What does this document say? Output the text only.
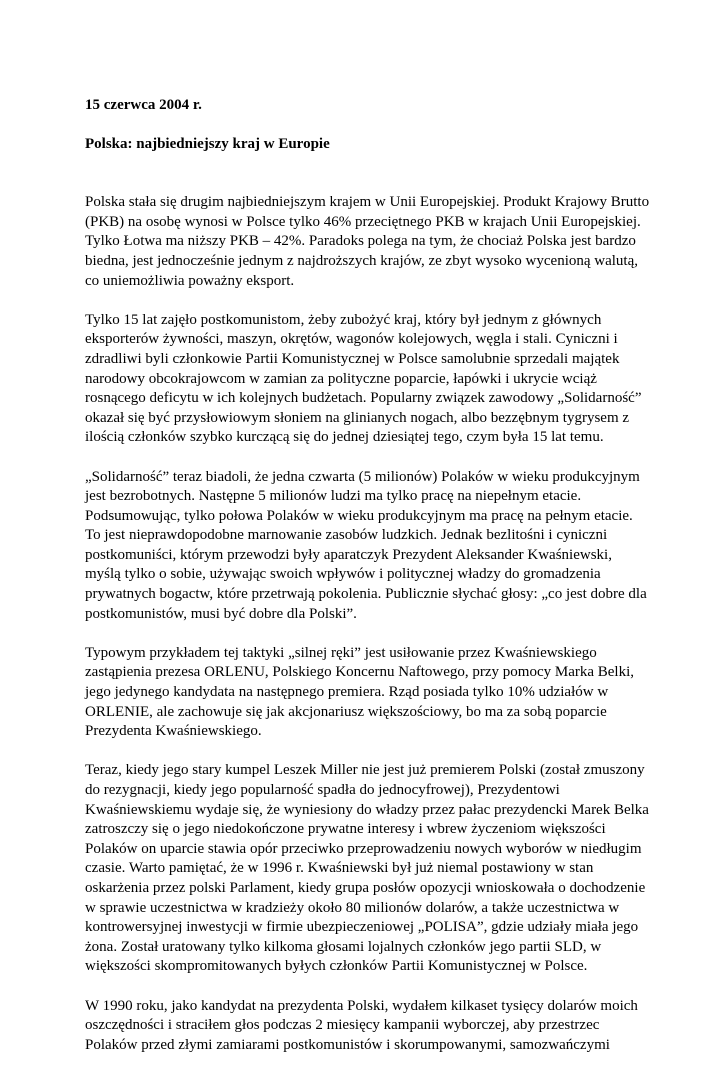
15 czerwca 2004 r.
Polska: najbiedniejszy kraj w Europie
Polska stała się drugim najbiedniejszym krajem w Unii Europejskiej. Produkt Krajowy Brutto
(PKB) na osobę wynosi w Polsce tylko 46% przeciętnego PKB w krajach Unii Europejskiej.
Tylko Łotwa ma niższy PKB – 42%. Paradoks polega na tym, że chociaż Polska jest bardzo
biedna, jest jednocześnie jednym z najdroższych krajów, ze zbyt wysoko wycenioną walutą,
co uniemożliwia poważny eksport.
Tylko 15 lat zajęło postkomunistom, żeby zubożyć kraj, który był jednym z głównych
eksporterów żywności, maszyn, okrętów, wagonów kolejowych, węgla i stali. Cyniczni i
zdradliwi byli członkowie Partii Komunistycznej w Polsce samolubnie sprzedali majątek
narodowy obcokrajowcom w zamian za polityczne poparcie, łapówki i ukrycie wciąż
rosnącego deficytu w ich kolejnych budżetach. Popularny związek zawodowy „Solidarność”
okazał się być przysłowiowym słoniem na glinianych nogach, albo bezzębnym tygrysem z
ilością członków szybko kurczącą się do jednej dziesiątej tego, czym była 15 lat temu.
„Solidarność” teraz biadoli, że jedna czwarta (5 milionów) Polaków w wieku produkcyjnym
jest bezrobotnych. Następne 5 milionów ludzi ma tylko pracę na niepełnym etacie.
Podsumowując, tylko połowa Polaków w wieku produkcyjnym ma pracę na pełnym etacie.
To jest nieprawdopodobne marnowanie zasobów ludzkich. Jednak bezlitośni i cyniczni
postkomuniści, którym przewodzi były aparatczyk Prezydent Aleksander Kwaśniewski,
myślą tylko o sobie, używając swoich wpływów i politycznej władzy do gromadzenia
prywatnych bogactw, które przetrwają pokolenia. Publicznie słychać głosy: „co jest dobre dla
postkomunistów, musi być dobre dla Polski”.
Typowym przykładem tej taktyki „silnej ręki” jest usiłowanie przez Kwaśniewskiego
zastąpienia prezesa ORLENU, Polskiego Koncernu Naftowego, przy pomocy Marka Belki,
jego jedynego kandydata na następnego premiera. Rząd posiada tylko 10% udziałów w
ORLENIE, ale zachowuje się jak akcjonariusz większościowy, bo ma za sobą poparcie
Prezydenta Kwaśniewskiego.
Teraz, kiedy jego stary kumpel Leszek Miller nie jest już premierem Polski (został zmuszony
do rezygnacji, kiedy jego popularność spadła do jednocyfrowej), Prezydentowi
Kwaśniewskiemu wydaje się, że wyniesiony do władzy przez pałac prezydencki Marek Belka
zatroszczy się o jego niedokończone prywatne interesy i wbrew życzeniom większości
Polaków on uparcie stawia opór przeciwko przeprowadzeniu nowych wyborów w niedługim
czasie. Warto pamiętać, że w 1996 r. Kwaśniewski był już niemal postawiony w stan
oskarżenia przez polski Parlament, kiedy grupa posłów opozycji wnioskowała o dochodzenie
w sprawie uczestnictwa w kradzieży około 80 milionów dolarów, a także uczestnictwa w
kontrowersyjnej inwestycji w firmie ubezpieczeniowej „POLISA”, gdzie udziały miała jego
żona. Został uratowany tylko kilkoma głosami lojalnych członków jego partii SLD, w
większości skompromitowanych byłych członków Partii Komunistycznej w Polsce.
W 1990 roku, jako kandydat na prezydenta Polski, wydałem kilkaset tysięcy dolarów moich
oszczędności i straciłem głos podczas 2 miesięcy kampanii wyborczej, aby przestrzec
Polaków przed złymi zamiarami postkomunistów i skorumpowanymi, samozwańczymi
